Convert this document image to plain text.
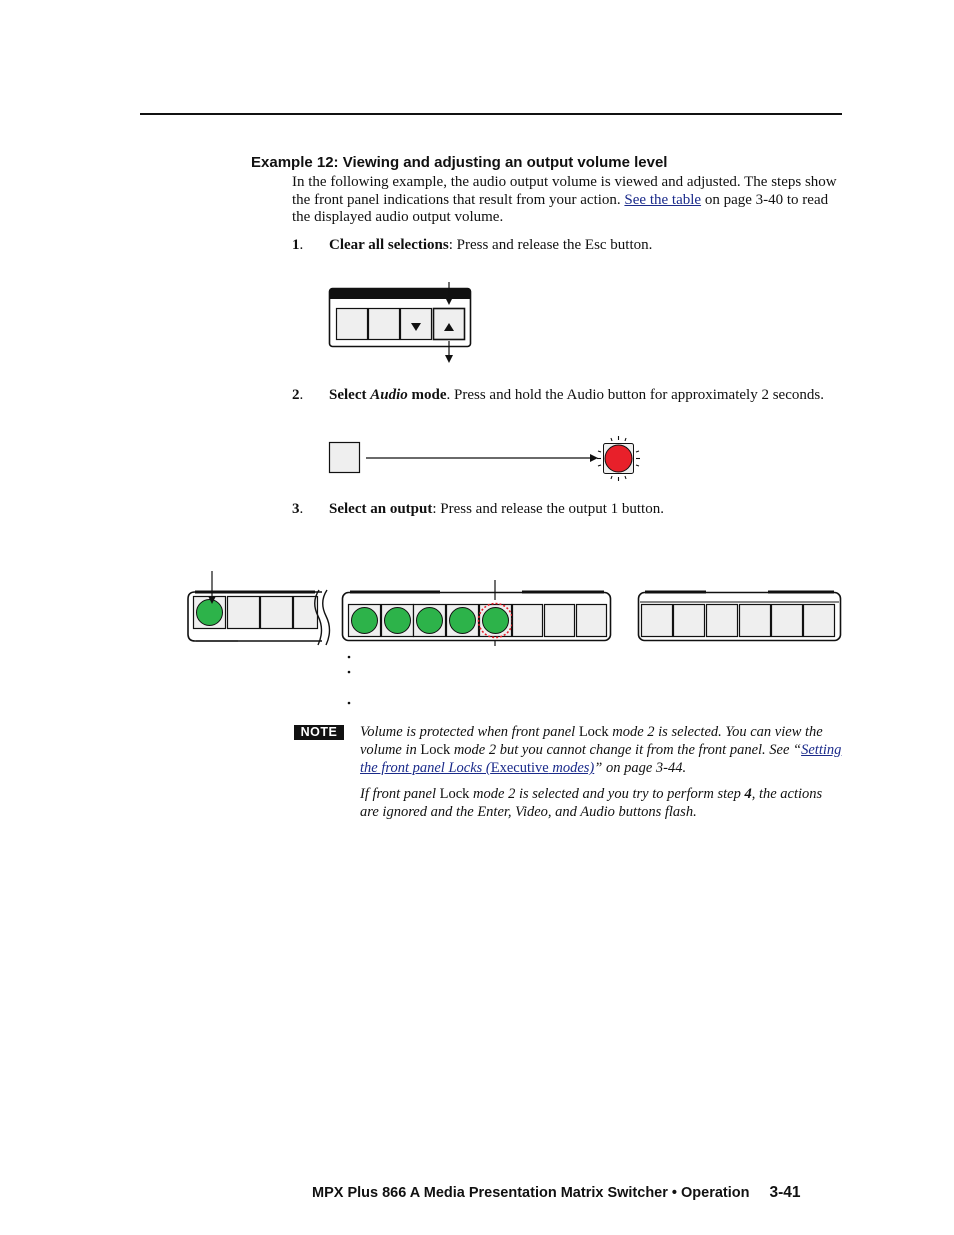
Example 12: Viewing and adjusting an output volume level
In the following example, the audio output volume is viewed and adjusted. The steps show the front panel indications that result from your action. See the table on page 3-40 to read the displayed audio output volume.
1. Clear all selections: Press and release the Esc button.
2. Select Audio mode. Press and hold the Audio button for approximately 2 seconds.
3. Select an output: Press and release the output 1 button.
NOTE	Volume is protected when front panel Lock mode 2 is selected. You can view the volume in Lock mode 2 but you cannot change it from the front panel. See “Setting the front panel Locks (Executive modes)” on page 3-44.
If front panel Lock mode 2 is selected and you try to perform step 4, the actions are ignored and the Enter, Video, and Audio buttons flash.
MPX Plus 866 A Media Presentation Matrix Switcher • Operation 3-41
